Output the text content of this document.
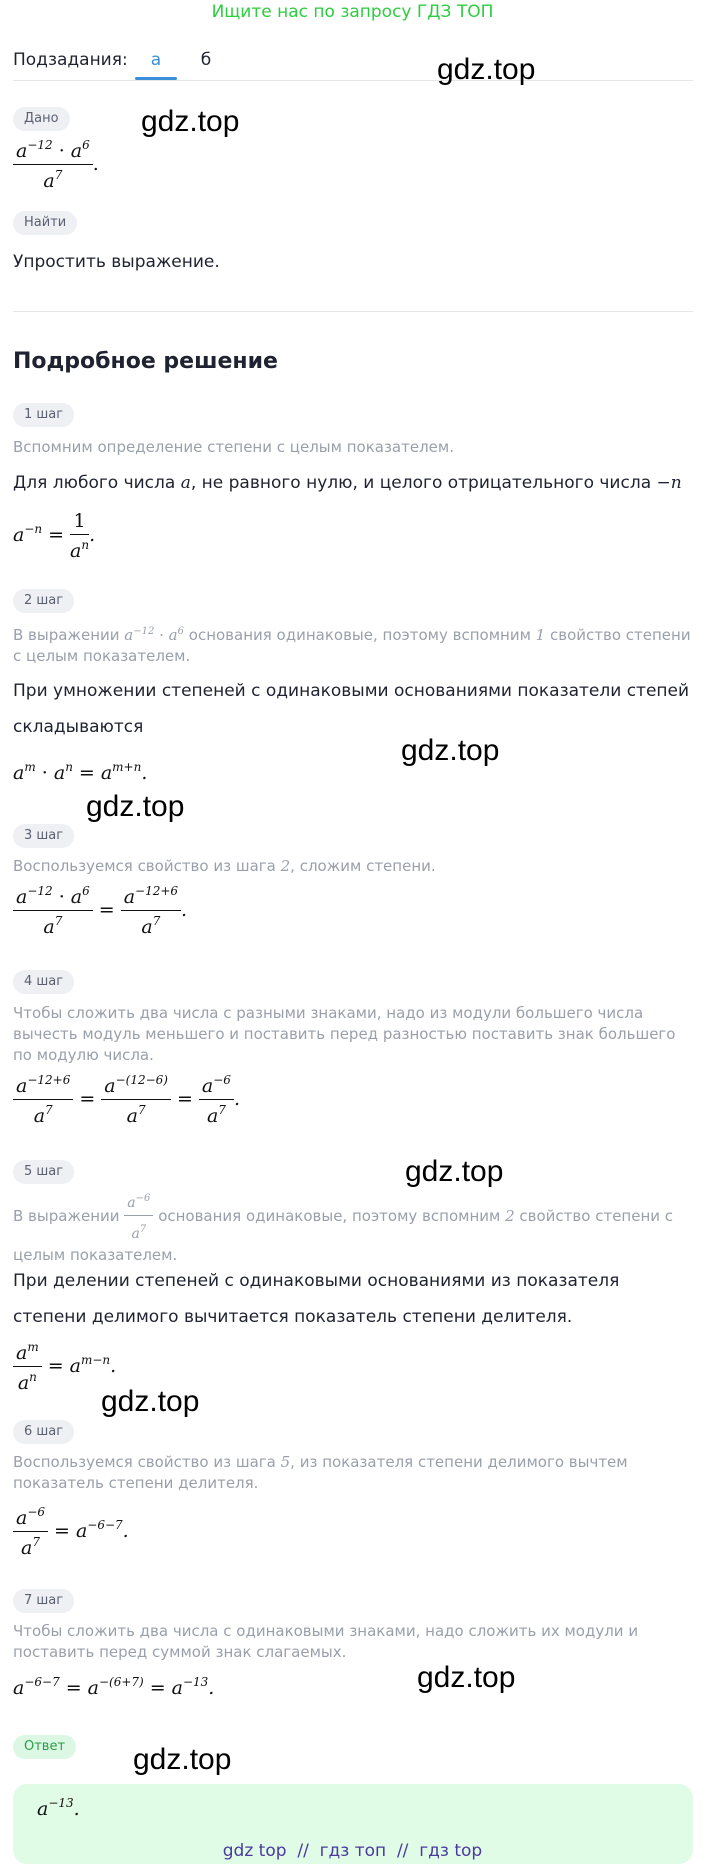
Ищите нас по запросу ГДЗ ТОП
Подзадания:	а	б
Дано
$\frac{a^{-12} \cdot a^6}{a^7}$ .
Найти
Упростить выражение.
Подробное решение
1 шаг
Вспомним определение степени с целым показателем.
Для любого числа a, не равного нулю, и целого отрицательного числа −n
$a^{-n} = \frac{1}{a^n}$ .
2 шаг
В выражении $a^{-12} \cdot a^6$ основания одинаковые, поэтому вспомним 1 свойство степени с целым показателем.
При умножении степеней с одинаковыми основаниями показатели степей складываются
$a^m \cdot a^n = a^{m+n}$.
3 шаг
Воспользуемся свойство из шага 2, сложим степени.
$\frac{a^{-12} \cdot a^6}{a^7} = \frac{a^{-12+6}}{a^7}$ .
4 шаг
Чтобы сложить два числа с разными знаками, надо из модули большего числа вычесть модуль меньшего и поставить перед разностью поставить знак большего по модулю числа.
$\frac{a^{-12+6}}{a^7} = \frac{a^{-(12-6)}}{a^7} = \frac{a^{-6}}{a^7}$ .
5 шаг
В выражении $\frac{a^{-6}}{a^7}$ основания одинаковые, поэтому вспомним 2 свойство степени с целым показателем.
При делении степеней с одинаковыми основаниями из показателя степени делимого вычитается показатель степени делителя.
$\frac{a^m}{a^n} = a^{m-n}$.
6 шаг
Воспользуемся свойство из шага 5, из показателя степени делимого вычтем показатель степени делителя.
$\frac{a^{-6}}{a^7} = a^{-6-7}$.
7 шаг
Чтобы сложить два числа с одинаковыми знаками, надо сложить их модули и поставить перед суммой знак слагаемых.
$a^{-6-7} = a^{-(6+7)} = a^{-13}$.
Ответ
$a^{-13}$.
gdz.top
gdz.top
gdz.top
gdz.top
gdz.top
gdz.top
gdz.top
gdz.top
gdz top  //  гдз топ  //  гдз top
